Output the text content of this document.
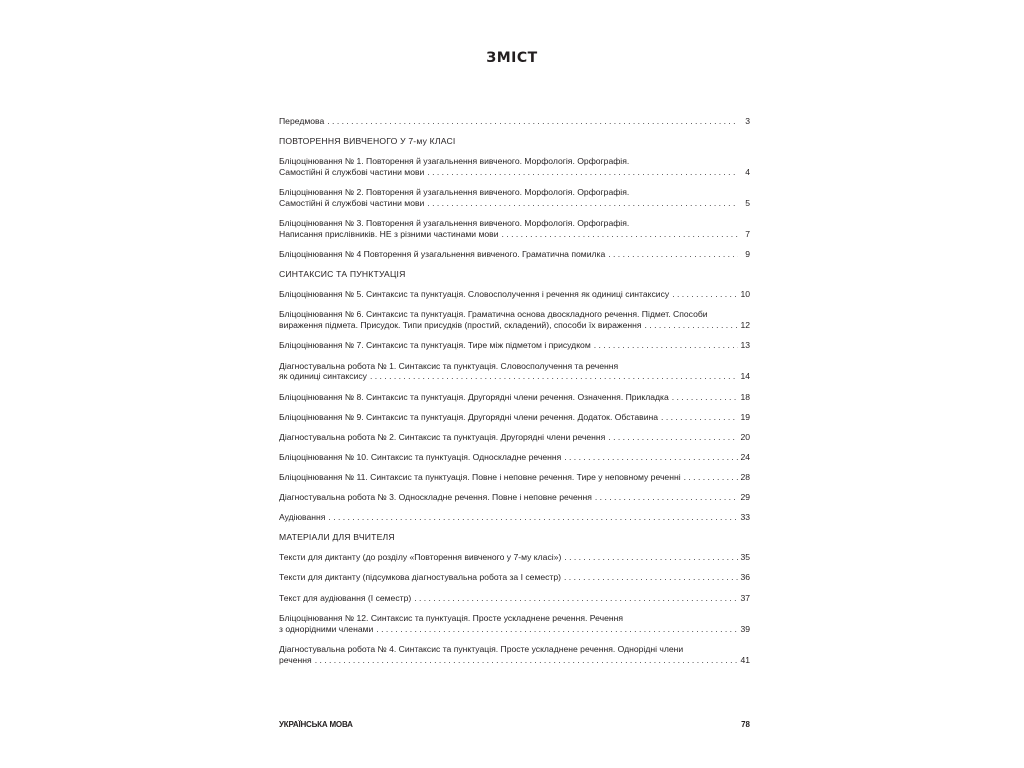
ЗМІСТ
Передмова . . .	3
ПОВТОРЕННЯ ВИВЧЕНОГО У 7-му КЛАСІ
Бліцоцінювання № 1. Повторення й узагальнення вивченого. Морфологія. Орфографія.
Самостійні й службові частини мови . . .	4
Бліцоцінювання № 2. Повторення й узагальнення вивченого. Морфологія. Орфографія.
Самостійні й службові частини мови . . .	5
Бліцоцінювання № 3. Повторення й узагальнення вивченого. Морфологія. Орфографія.
Написання прислівників. НЕ з різними частинами мови . . .	7
Бліцоцінювання № 4 Повторення й узагальнення вивченого. Граматична помилка . . .	9
СИНТАКСИС ТА ПУНКТУАЦІЯ
Бліцоцінювання № 5. Синтаксис та пунктуація. Словосполучення і речення як одиниці синтаксису . . .	10
Бліцоцінювання № 6. Синтаксис та пунктуація. Граматична основа двоскладного речення. Підмет. Способи
вираження підмета. Присудок. Типи присудків (простий, складений), способи їх вираження . . .	12
Бліцоцінювання № 7. Синтаксис та пунктуація. Тире між підметом і присудком . . .	13
Діагностувальна робота № 1. Синтаксис та пунктуація. Словосполучення та речення
як одиниці синтаксису . . .	14
Бліцоцінювання № 8. Синтаксис та пунктуація. Другорядні члени речення. Означення. Прикладка . . .	18
Бліцоцінювання № 9. Синтаксис та пунктуація. Другорядні члени речення. Додаток. Обставина . . .	19
Діагностувальна робота № 2. Синтаксис та пунктуація. Другорядні члени речення . . .	20
Бліцоцінювання № 10. Синтаксис та пунктуація. Односкладне речення . . .	24
Бліцоцінювання № 11. Синтаксис та пунктуація. Повне і неповне речення. Тире у неповному реченні . . .	28
Діагностувальна робота № 3. Односкладне речення. Повне і неповне речення . . .	29
Аудіювання . . .	33
МАТЕРІАЛИ ДЛЯ ВЧИТЕЛЯ
Тексти для диктанту (до розділу «Повторення вивченого у 7-му класі») . . .	35
Тексти для диктанту (підсумкова діагностувальна робота за І семестр) . . .	36
Текст для аудіювання (І семестр) . . .	37
Бліцоцінювання № 12. Синтаксис та пунктуація. Просте ускладнене речення. Речення
з однорідними членами . . .	39
Діагностувальна робота № 4. Синтаксис та пунктуація. Просте ускладнене речення. Однорідні члени
речення . . .	41
УКРАЇНСЬКА МОВА	78
